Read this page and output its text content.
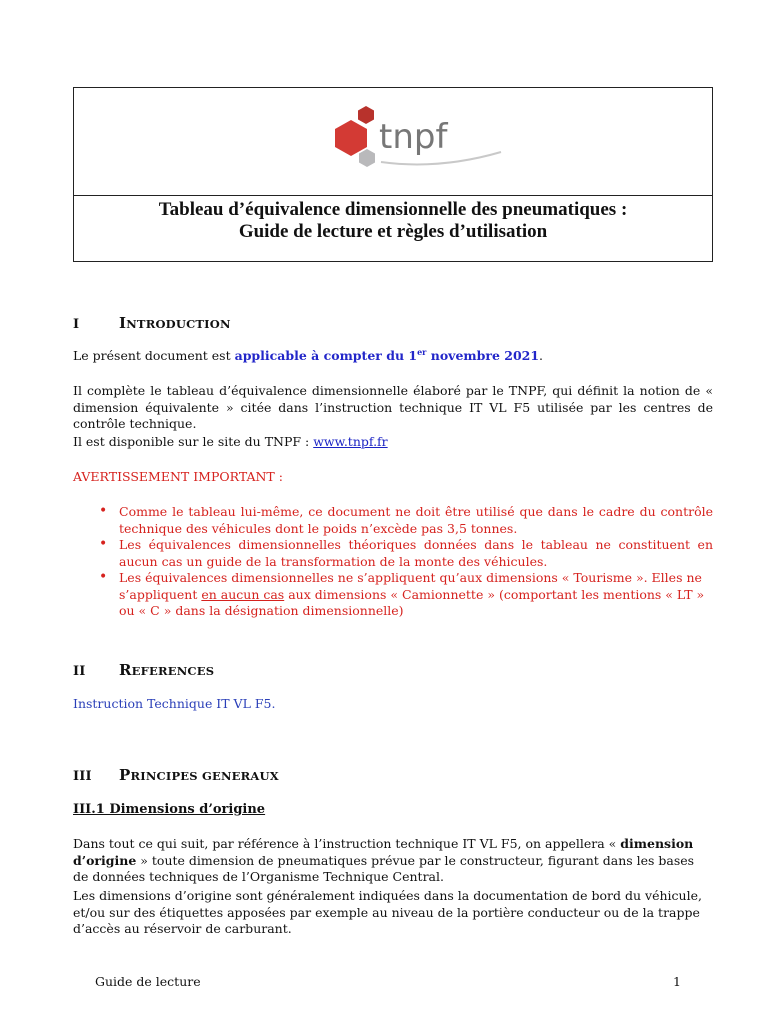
tnpf
Tableau d’équivalence dimensionnelle des pneumatiques :
Guide de lecture et règles d’utilisation
I	INTRODUCTION
Le présent document est applicable à compter du 1er novembre 2021.
Il complète le tableau d’équivalence dimensionnelle élaboré par le TNPF, qui définit la notion de « dimension équivalente » citée dans l’instruction technique IT VL F5 utilisée par les centres de contrôle technique.
Il est disponible sur le site du TNPF : www.tnpf.fr
AVERTISSEMENT IMPORTANT :
• Comme le tableau lui-même, ce document ne doit être utilisé que dans le cadre du contrôle technique des véhicules dont le poids n’excède pas 3,5 tonnes.
• Les équivalences dimensionnelles théoriques données dans le tableau ne constituent en aucun cas un guide de la transformation de la monte des véhicules.
• Les équivalences dimensionnelles ne s’appliquent qu’aux dimensions « Tourisme ». Elles ne s’appliquent en aucun cas aux dimensions « Camionnette » (comportant les mentions « LT » ou « C » dans la désignation dimensionnelle)
II REFERENCES
Instruction Technique IT VL F5.
III PRINCIPES GENERAUX
III.1 Dimensions d’origine
Dans tout ce qui suit, par référence à l’instruction technique IT VL F5, on appellera « dimension d’origine » toute dimension de pneumatiques prévue par le constructeur, figurant dans les bases de données techniques de l’Organisme Technique Central.
Les dimensions d’origine sont généralement indiquées dans la documentation de bord du véhicule, et/ou sur des étiquettes apposées par exemple au niveau de la portière conducteur ou de la trappe d’accès au réservoir de carburant.
Guide de lecture	1
